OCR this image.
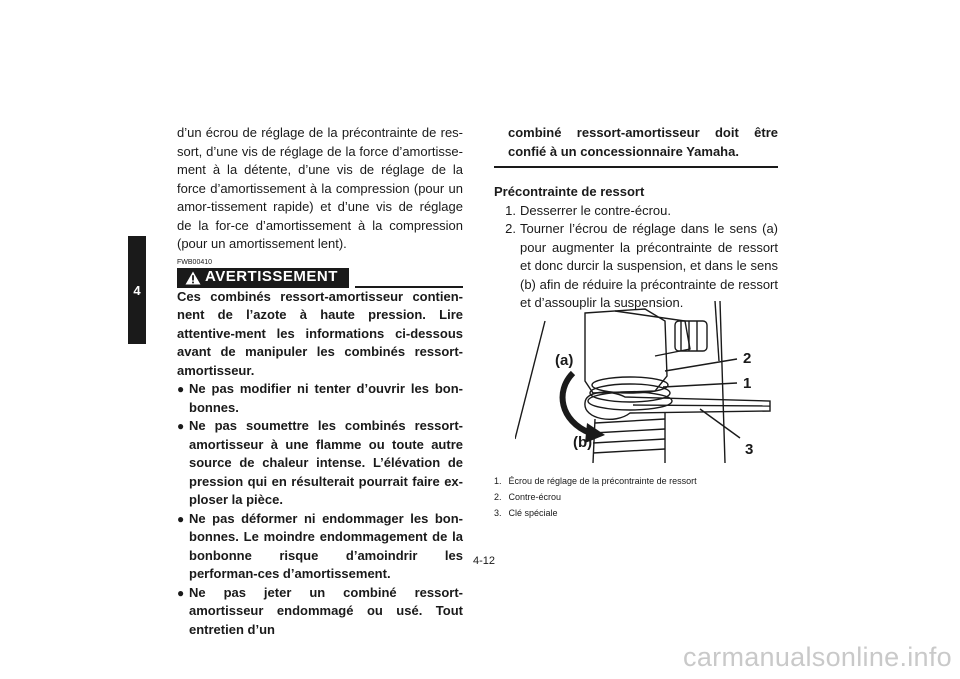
4

d’un écrou de réglage de la précontrainte de res-sort, d’une vis de réglage de la force d’amortisse-ment à la détente, d’une vis de réglage de la force d’amortissement à la compression (pour un amor-tissement rapide) et d’une vis de réglage de la for-ce d’amortissement à la compression (pour un amortissement lent).

FWB00410
AVERTISSEMENT

Ces combinés ressort-amortisseur contien-nent de l’azote à haute pression. Lire attentive-ment les informations ci-dessous avant de manipuler les combinés ressort-amortisseur.

● Ne pas modifier ni tenter d’ouvrir les bon-bonnes.
● Ne pas soumettre les combinés ressort-amortisseur à une flamme ou toute autre source de chaleur intense. L’élévation de pression qui en résulterait pourrait faire ex-ploser la pièce.
● Ne pas déformer ni endommager les bon-bonnes. Le moindre endommagement de la bonbonne risque d’amoindrir les performan-ces d’amortissement.
● Ne pas jeter un combiné ressort-amortisseur endommagé ou usé. Tout entretien d’un
combiné ressort-amortisseur doit être confié à un concessionnaire Yamaha.
Précontrainte de ressort
1. Desserrer le contre-écrou.
2. Tourner l’écrou de réglage dans le sens (a) pour augmenter la précontrainte de ressort et donc durcir la suspension, et dans le sens (b) afin de réduire la précontrainte de ressort et d’assouplir la suspension.
(a)
(b)
2
1
3
1. Écrou de réglage de la précontrainte de ressort
2. Contre-écrou
3. Clé spéciale
4-12
carmanualsonline.info
